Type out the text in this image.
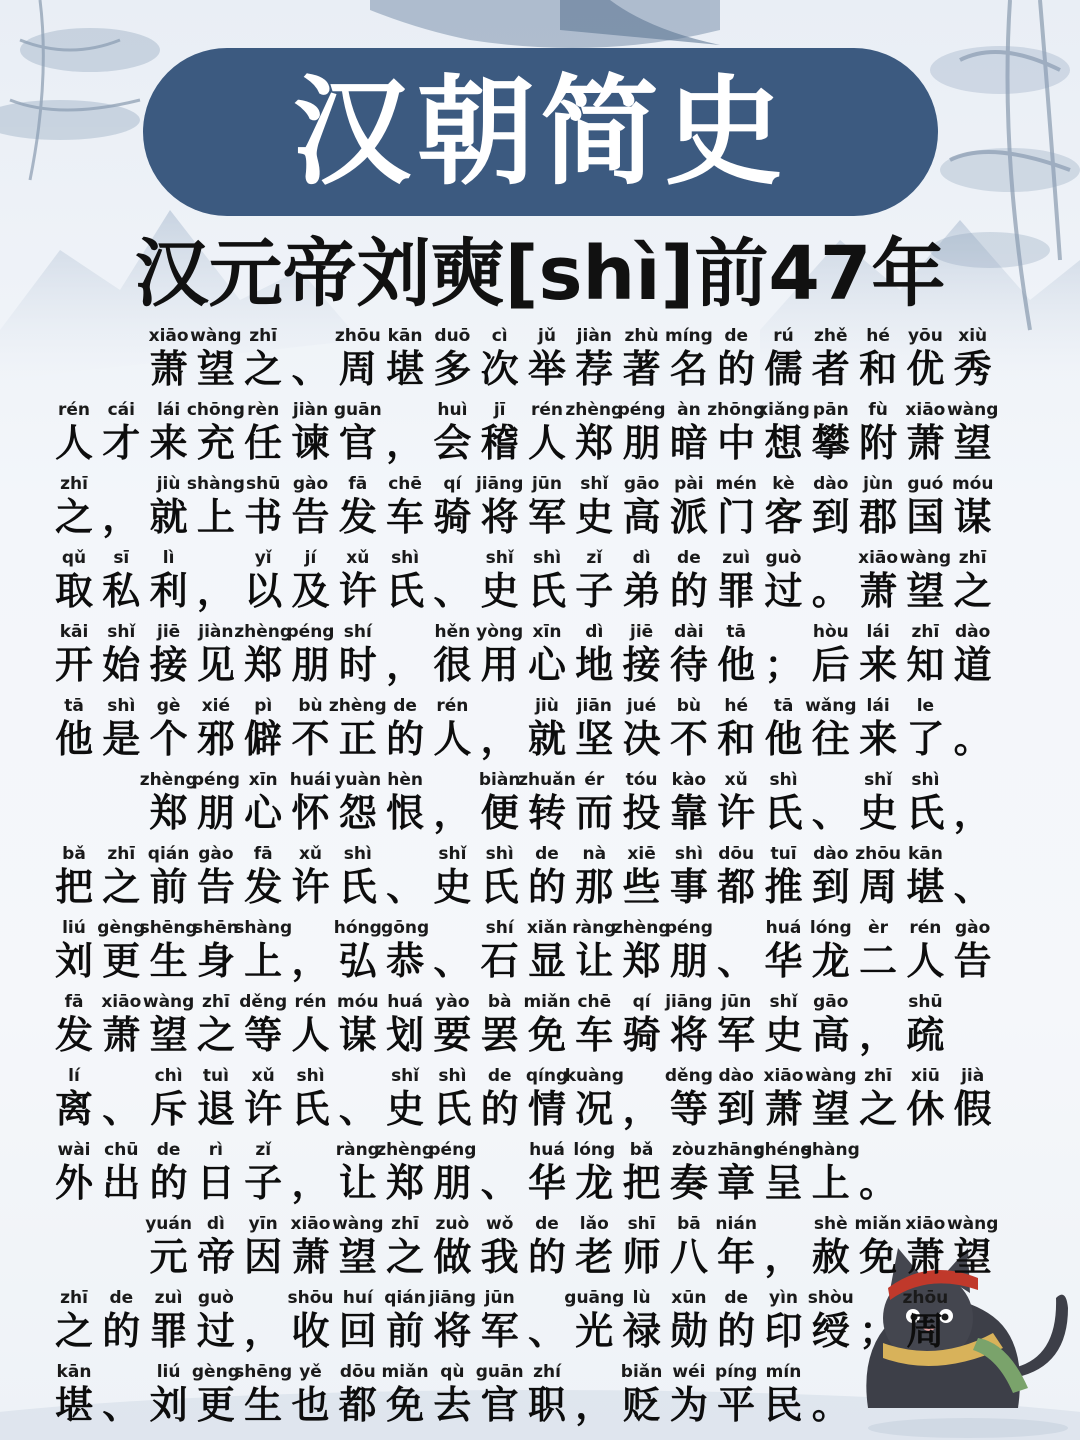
汉朝简史
汉元帝刘奭[shì]前47年
xiāo
萧
wàng
望
zhī
之 、
zhōu
周
kān
堪
duō
多
cì
次
jǔ
举
jiàn
荐
zhù
著
míng
名
de
的
rú
儒
zhě
者
hé
和
yōu
优
xiù
秀
rén
人
cái
才
lái
来
chōng
充
rèn
任
jiàn
谏
guān
官 ，
huì
会
jī
稽
rén
人
zhèng
郑
péng
朋
àn
暗
zhōng
中
xiǎng
想
pān
攀
fù
附
xiāo
萧
wàng
望
zhī
之 ，
jiù
就
shàng
上
shū
书
gào
告
fā
发
chē
车
qí
骑
jiāng
将
jūn
军
shǐ
史
gāo
高
pài
派
mén
门
kè
客
dào
到
jùn
郡
guó
国
móu
谋
qǔ
取
sī
私
lì
利 ，
yǐ
以
jí
及
xǔ
许
shì
氏 、
shǐ
史
shì
氏
zǐ
子
dì
弟
de
的
zuì
罪
guò
过 。
xiāo
萧
wàng
望
zhī
之
kāi
开
shǐ
始
jiē
接
jiàn
见
zhèng
郑
péng
朋
shí
时 ，
hěn
很
yòng
用
xīn
心
dì
地
jiē
接
dài
待
tā
他 ；
hòu
后
lái
来
zhī
知
dào
道
tā
他
shì
是
gè
个
xié
邪
pì
僻
bù
不
zhèng
正
de
的
rén
人 ，
jiù
就
jiān
坚
jué
决
bù
不
hé
和
tā
他
wǎng
往
lái
来
le
了 。
zhèng
郑
péng
朋
xīn
心
huái
怀
yuàn
怨
hèn
恨 ，
biàn
便
zhuǎn
转
ér
而
tóu
投
kào
靠
xǔ
许
shì
氏 、
shǐ
史
shì
氏 ，
bǎ
把
zhī
之
qián
前
gào
告
fā
发
xǔ
许
shì
氏 、
shǐ
史
shì
氏
de
的
nà
那
xiē
些
shì
事
dōu
都
tuī
推
dào
到
zhōu
周
kān
堪 、
liú
刘
gèng
更
shēng
生
shēn
身
shàng
上 ，
hóng
弘
gōng
恭 、
shí
石
xiǎn
显
ràng
让
zhèng
郑
péng
朋 、
huá
华
lóng
龙
èr
二
rén
人
gào
告
fā
发
xiāo
萧
wàng
望
zhī
之
děng
等
rén
人
móu
谋
huá
划
yào
要
bà
罢
miǎn
免
chē
车
qí
骑
jiāng
将
jūn
军
shǐ
史
gāo
高 ，
shū
疏
lí
离 、
chì
斥
tuì
退
xǔ
许
shì
氏 、
shǐ
史
shì
氏
de
的
qíng
情
kuàng
况 ，
děng
等
dào
到
xiāo
萧
wàng
望
zhī
之
xiū
休
jià
假
wài
外
chū
出
de
的
rì
日
zǐ
子 ，
ràng
让
zhèng
郑
péng
朋 、
huá
华
lóng
龙
bǎ
把
zòu
奏
zhāng
章
chéng
呈
shàng
上 。
yuán
元
dì
帝
yīn
因
xiāo
萧
wàng
望
zhī
之
zuò
做
wǒ
我
de
的
lǎo
老
shī
师
bā
八
nián
年 ，
shè
赦
miǎn
免
xiāo
萧
wàng
望
zhī
之
de
的
zuì
罪
guò
过 ，
shōu
收
huí
回
qián
前
jiāng
将
jūn
军 、
guāng
光
lù
禄
xūn
勋
de
的
yìn
印
shòu
绶 ；
zhōu
周
kān
堪 、
liú
刘
gèng
更
shēng
生
yě
也
dōu
都
miǎn
免
qù
去
guān
官
zhí
职 ，
biǎn
贬
wéi
为
píng
平
mín
民 。
